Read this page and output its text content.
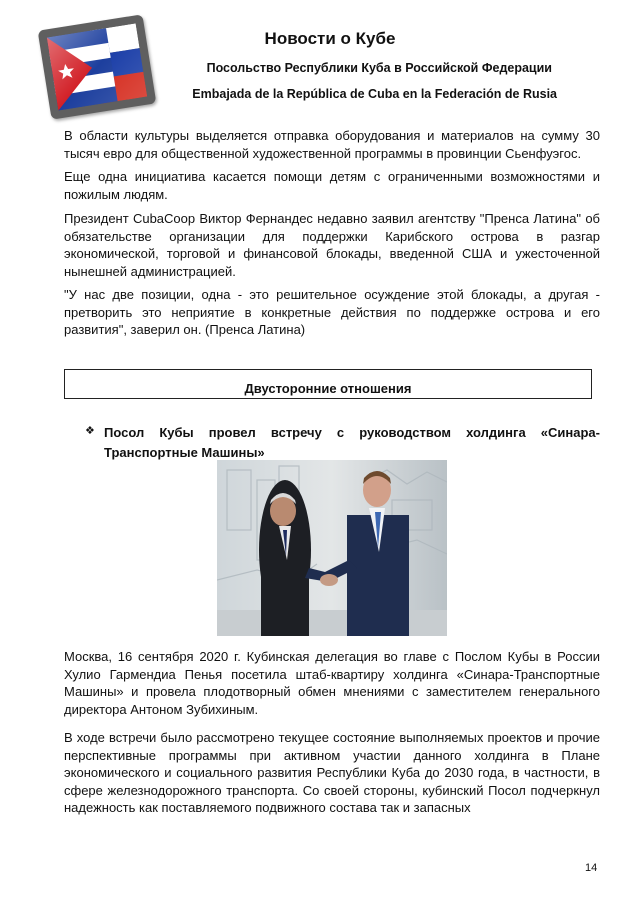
Новости о Кубе
Посольство Республики Куба в Российской Федерации
Embajada de la República de Cuba en la Federación de Rusia

В области культуры выделяется отправка оборудования и материалов на сумму 30 тысяч евро для общественной художественной программы в провинции Сьенфуэгос.

Еще одна инициатива касается помощи детям с ограниченными возможностями и пожилым людям.

Президент CubaCoop Виктор Фернандес недавно заявил агентству "Пренса Латина" об обязательстве организации для поддержки Карибского острова в разгар экономической, торговой и финансовой блокады, введенной США и ужесточенной нынешней администрацией.

"У нас две позиции, одна - это решительное осуждение этой блокады, а другая - претворить это неприятие в конкретные действия по поддержке острова и его развития", заверил он. (Пренса Латина)

Двусторонние отношения
❖ Посол Кубы провел встречу с руководством холдинга «Синара-Транспортные Машины»

Москва, 16 сентября 2020 г. Кубинская делегация во главе с Послом Кубы в России Хулио Гармендиа Пенья посетила штаб-квартиру холдинга «Синара-Транспортные Машины» и провела плодотворный обмен мнениями с заместителем генерального директора Антоном Зубихиным.

В ходе встречи было рассмотрено текущее состояние выполняемых проектов и прочие перспективные программы при активном участии данного холдинга в Плане экономического и социального развития Республики Куба до 2030 года, в частности, в сфере железнодорожного транспорта. Со своей стороны, кубинский Посол подчеркнул надежность как поставляемого подвижного состава так и запасных

14
